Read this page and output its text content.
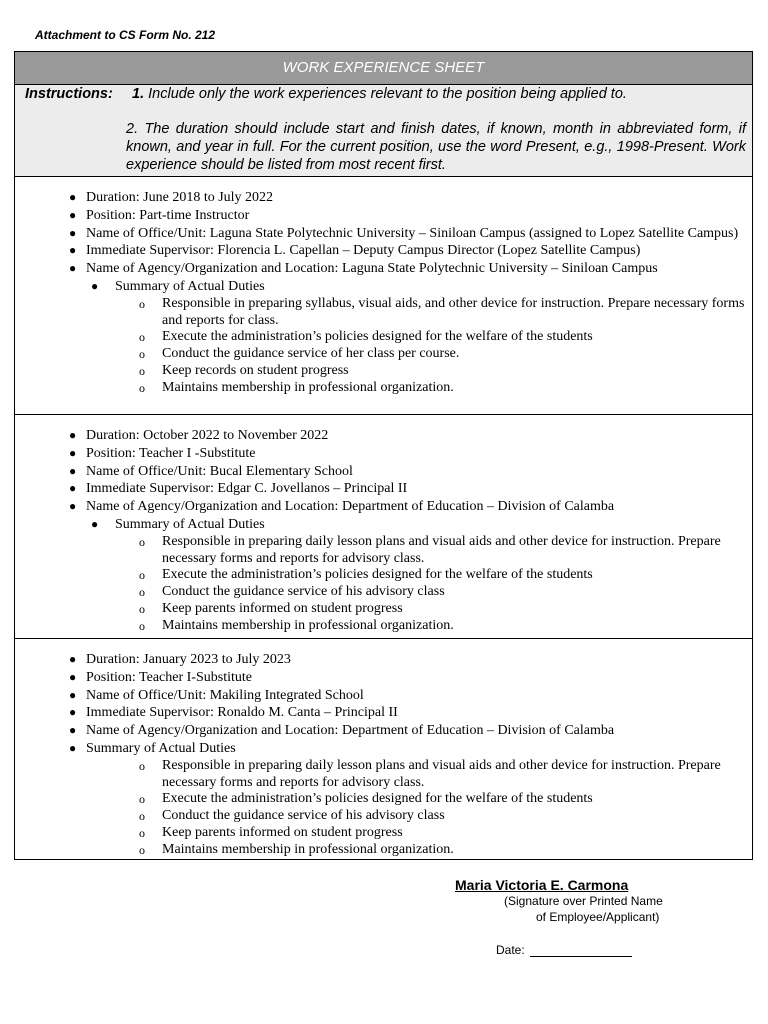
Attachment to CS Form No. 212
WORK EXPERIENCE SHEET
Instructions: 1. Include only the work experiences relevant to the position being applied to.
2. The duration should include start and finish dates, if known, month in abbreviated form, if known, and year in full. For the current position, use the word Present, e.g., 1998-Present. Work experience should be listed from most recent first.
● Duration: June 2018 to July 2022
● Position: Part-time Instructor
● Name of Office/Unit: Laguna State Polytechnic University – Siniloan Campus (assigned to Lopez Satellite Campus)
● Immediate Supervisor: Florencia L. Capellan – Deputy Campus Director (Lopez Satellite Campus)
● Name of Agency/Organization and Location: Laguna State Polytechnic University – Siniloan Campus
● Summary of Actual Duties
o Responsible in preparing syllabus, visual aids, and other device for instruction. Prepare necessary forms and reports for class.
o Execute the administration’s policies designed for the welfare of the students
o Conduct the guidance service of her class per course.
o Keep records on student progress
o Maintains membership in professional organization.
● Duration: October 2022 to November 2022
● Position: Teacher I -Substitute
● Name of Office/Unit: Bucal Elementary School
● Immediate Supervisor: Edgar C. Jovellanos – Principal II
● Name of Agency/Organization and Location: Department of Education – Division of Calamba
● Summary of Actual Duties
o Responsible in preparing daily lesson plans and visual aids and other device for instruction. Prepare necessary forms and reports for advisory class.
o Execute the administration’s policies designed for the welfare of the students
o Conduct the guidance service of his advisory class
o Keep parents informed on student progress
o Maintains membership in professional organization.
● Duration: January 2023 to July 2023
● Position: Teacher I-Substitute
● Name of Office/Unit: Makiling Integrated School
● Immediate Supervisor: Ronaldo M. Canta – Principal II
● Name of Agency/Organization and Location: Department of Education – Division of Calamba
● Summary of Actual Duties
o Responsible in preparing daily lesson plans and visual aids and other device for instruction. Prepare necessary forms and reports for advisory class.
o Execute the administration’s policies designed for the welfare of the students
o Conduct the guidance service of his advisory class
o Keep parents informed on student progress
o Maintains membership in professional organization.
Maria Victoria E. Carmona
(Signature over Printed Name
of Employee/Applicant)
Date:
